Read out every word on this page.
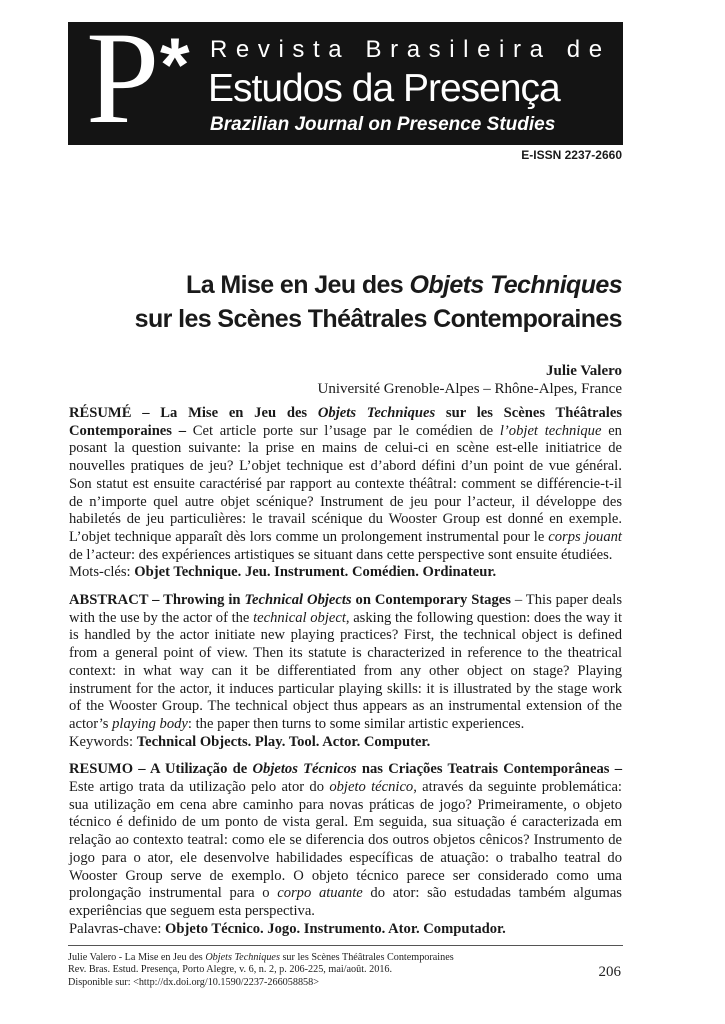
P * Revista Brasileira de
Estudos da Presença
Brazilian Journal on Presence Studies
E-ISSN 2237-2660
La Mise en Jeu des Objets Techniques
sur les Scènes Théâtrales Contemporaines
Julie Valero
Université Grenoble-Alpes – Rhône-Alpes, France

RÉSUMÉ – La Mise en Jeu des Objets Techniques sur les Scènes Théâtrales Contemporaines – Cet article porte sur l’usage par le comédien de l’objet technique en posant la question suivante: la prise en mains de celui-ci en scène est-elle initiatrice de nouvelles pratiques de jeu? L’objet technique est d’abord défini d’un point de vue général. Son statut est ensuite caractérisé par rapport au contexte théâtral: comment se différencie-t-il de n’importe quel autre objet scénique? Instrument de jeu pour l’acteur, il développe des habiletés de jeu particulières: le travail scénique du Wooster Group est donné en exemple. L’objet technique apparaît dès lors comme un prolongement instrumental pour le corps jouant de l’acteur: des expériences artistiques se situant dans cette perspective sont ensuite étudiées.

Mots-clés: Objet Technique. Jeu. Instrument. Comédien. Ordinateur.

ABSTRACT – Throwing in Technical Objects on Contemporary Stages – This paper deals with the use by the actor of the technical object, asking the following question: does the way it is handled by the actor initiate new playing practices? First, the technical object is defined from a general point of view. Then its statute is characterized in reference to the theatrical context: in what way can it be differentiated from any other object on stage? Playing instrument for the actor, it induces particular playing skills: it is illustrated by the stage work of the Wooster Group. The technical object thus appears as an instrumental extension of the actor’s playing body: the paper then turns to some similar artistic experiences.

Keywords: Technical Objects. Play. Tool. Actor. Computer.

RESUMO – A Utilização de Objetos Técnicos nas Criações Teatrais Contemporâneas – Este artigo trata da utilização pelo ator do objeto técnico, através da seguinte problemática: sua utilização em cena abre caminho para novas práticas de jogo? Primeiramente, o objeto técnico é definido de um ponto de vista geral. Em seguida, sua situação é caracterizada em relação ao contexto teatral: como ele se diferencia dos outros objetos cênicos? Instrumento de jogo para o ator, ele desenvolve habilidades específicas de atuação: o trabalho teatral do Wooster Group serve de exemplo. O objeto técnico parece ser considerado como uma prolongação instrumental para o corpo atuante do ator: são estudadas também algumas experiências que seguem esta perspectiva.

Palavras-chave: Objeto Técnico. Jogo. Instrumento. Ator. Computador.

Julie Valero - La Mise en Jeu des Objets Techniques sur les Scènes Théâtrales Contemporaines
Rev. Bras. Estud. Presença, Porto Alegre, v. 6, n. 2, p. 206-225, mai/août. 2016.
Disponible sur: <http://dx.doi.org/10.1590/2237-266058858>
206
